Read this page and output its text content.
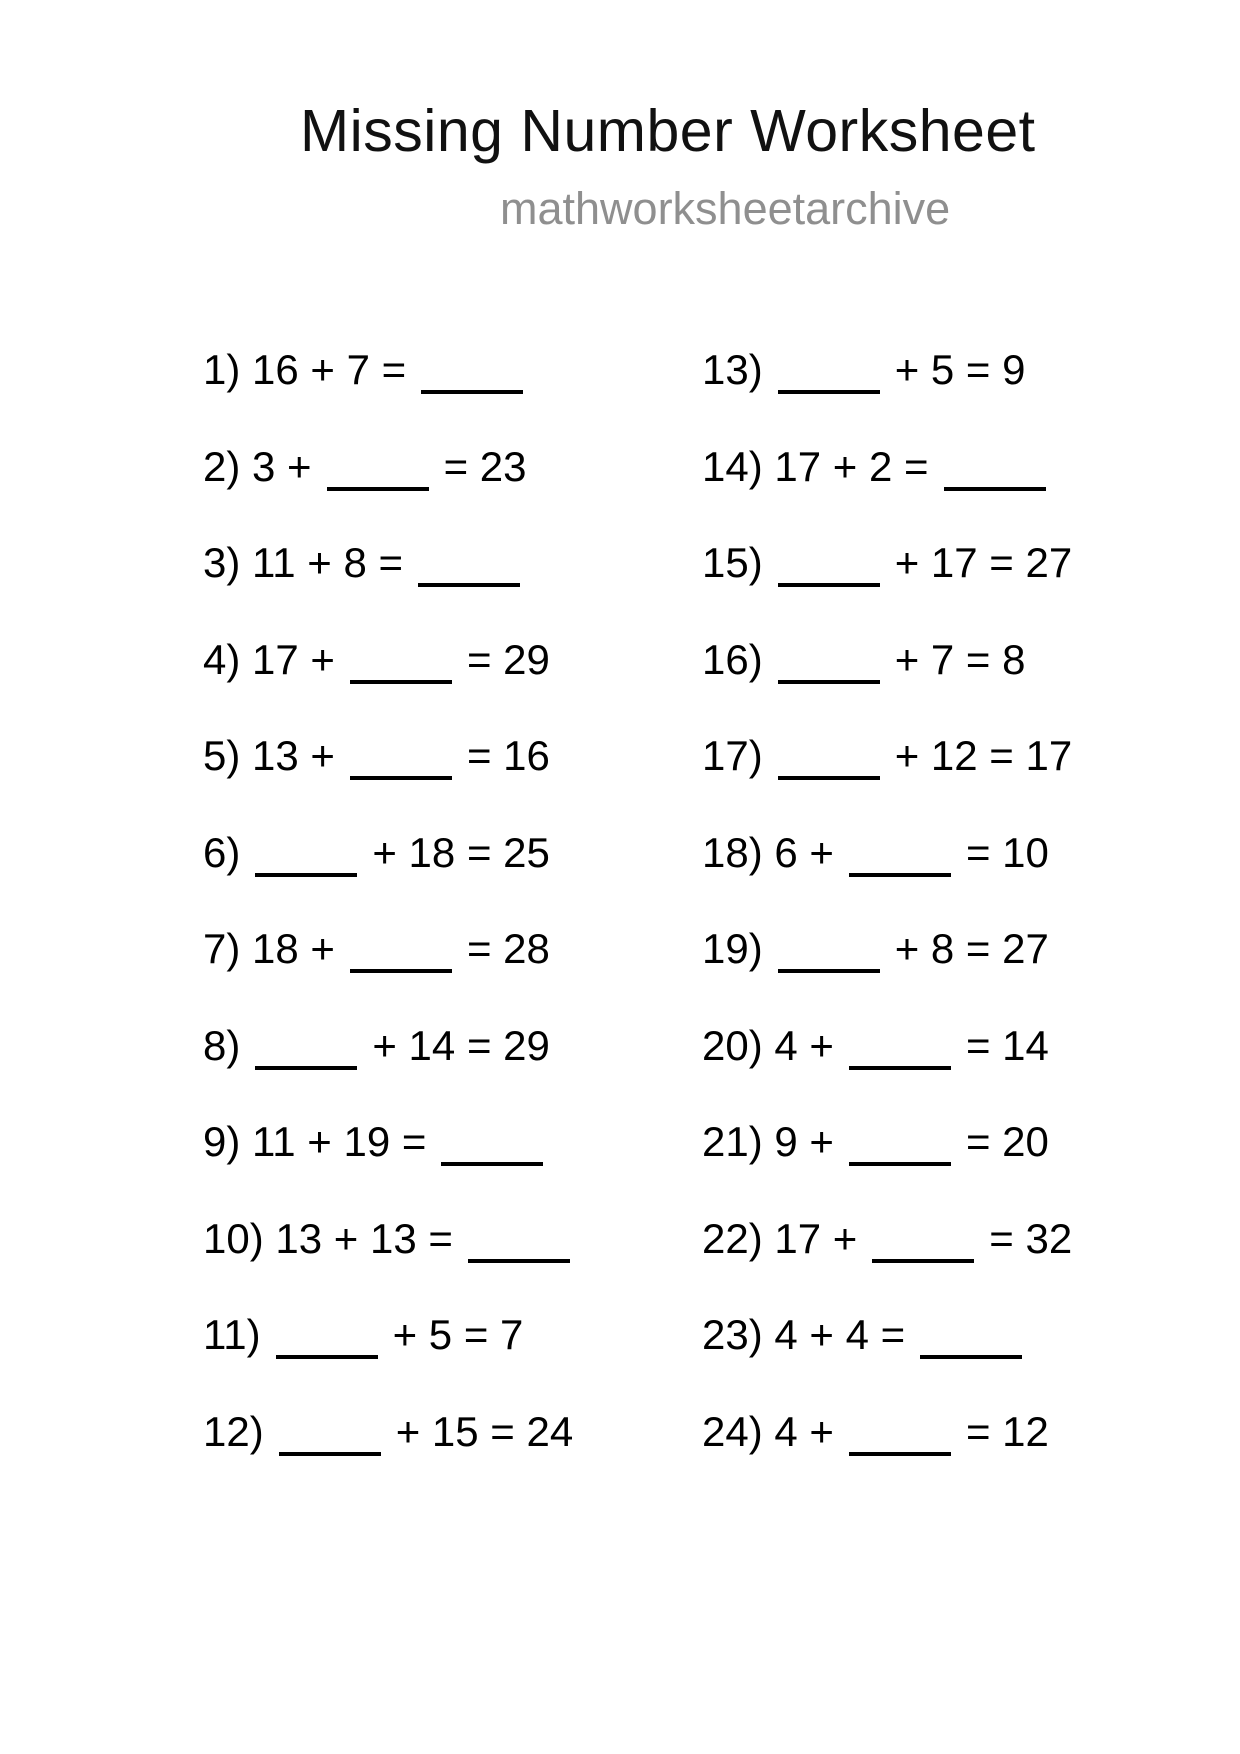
Missing Number Worksheet
mathworksheetarchive
1) 16 + 7 =
2) 3 +	= 23
3) 11 + 8 =
4) 17 +	= 29
5) 13 +	= 16
6)	+ 18 = 25
7) 18 +	= 28
8)	+ 14 = 29
9) 11 + 19 =
10) 13 + 13 =
11)	+ 5 = 7
12)	+ 15 = 24
13)	+ 5 = 9
14) 17 + 2 =
15)	+ 17 = 27
16)	+ 7 = 8
17)	+ 12 = 17
18) 6 +	= 10
19)	+ 8 = 27
20) 4 +	= 14
21) 9 +	= 20
22) 17 +	= 32
23) 4 + 4 =
24) 4 +	= 12
